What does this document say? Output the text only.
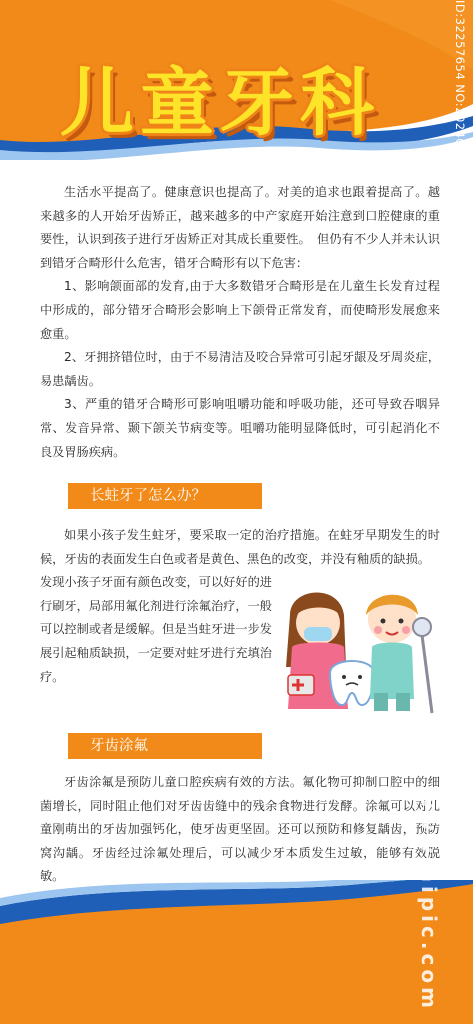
儿童牙科	ID:32257654 NO:20240907180822626104

生活水平提高了。健康意识也提高了。对美的追求也跟着提高了。越来越多的人开始牙齿矫正，越来越多的中产家庭开始注意到口腔健康的重要性，认识到孩子进行牙齿矫正对其成长重要性。　但仍有不少人并未认识到错牙合畸形什么危害，错牙合畸形有以下危害：

1、影响颌面部的发育,由于大多数错牙合畸形是在儿童生长发育过程中形成的，部分错牙合畸形会影响上下颌骨正常发育，而使畸形发展愈来愈重。

2、牙拥挤错位时，由于不易清洁及咬合异常可引起牙龈及牙周炎症，易患龋齿。

3、严重的错牙合畸形可影响咀嚼功能和呼吸功能，还可导致吞咽异常、发音异常、颞下颌关节病变等。咀嚼功能明显降低时，可引起消化不良及胃肠疾病。

长蛀牙了怎么办？

如果小孩子发生蛀牙，要采取一定的治疗措施。在蛀牙早期发生的时候，牙齿的表面发生白色或者是黄色、黑色的改变，并没有釉质的缺损。

发现小孩子牙面有颜色改变，可以好好的进行刷牙，局部用氟化剂进行涂氟治疗，一般可以控制或者是缓解。但是当蛀牙进一步发展引起釉质缺损，一定要对蛀牙进行充填治疗。

牙齿涂氟

牙齿涂氟是预防儿童口腔疾病有效的方法。氟化物可抑制口腔中的细菌增长，同时阻止他们对牙齿齿缝中的残余食物进行发酵。涂氟可以对儿童刚萌出的牙齿加强钙化，使牙齿更坚固。还可以预防和修复龋齿，预防窝沟龋。牙齿经过涂氟处理后，可以减少牙本质发生过敏，能够有效脱敏。

昵图网 www.nipic.com
